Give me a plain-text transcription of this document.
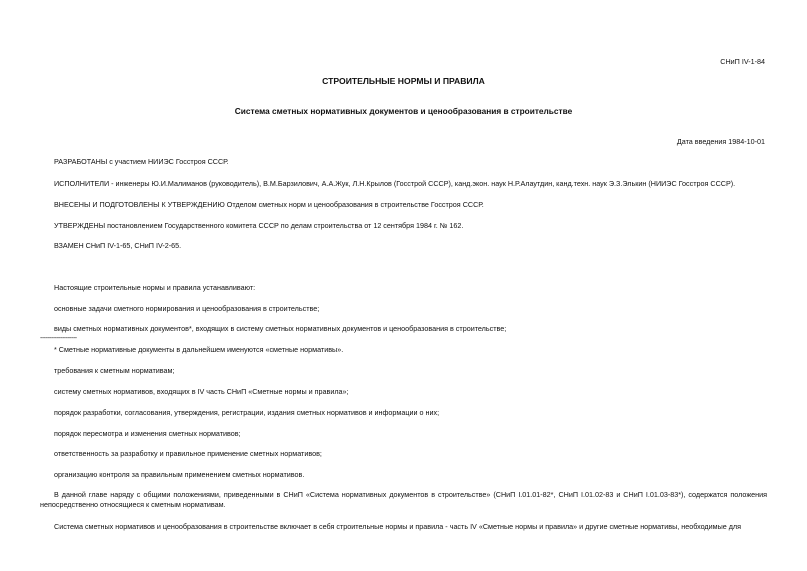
СНиП IV-1-84
СТРОИТЕЛЬНЫЕ НОРМЫ И ПРАВИЛА
Система сметных нормативных документов и ценообразования в строительстве
Дата введения 1984-10-01
РАЗРАБОТАНЫ с участием НИИЭС Госстроя СССР.
ИСПОЛНИТЕЛИ - инженеры Ю.И.Малиманов (руководитель), В.М.Барзилович, А.А.Жук, Л.Н.Крылов (Госстрой СССР), канд.экон. наук Н.Р.Алаутдин, канд.техн. наук Э.З.Элькин (НИИЭС Госстроя СССР).
ВНЕСЕНЫ И ПОДГОТОВЛЕНЫ К УТВЕРЖДЕНИЮ Отделом сметных норм и ценообразования в строительстве Госстроя СССР.
УТВЕРЖДЕНЫ постановлением Государственного комитета СССР по делам строительства от 12 сентября 1984 г. № 162.
ВЗАМЕН СНиП IV-1-65, СНиП IV-2-65.
Настоящие строительные нормы и правила устанавливают:
основные задачи сметного нормирования и ценообразования в строительстве;
виды сметных нормативных документов*, входящих в систему сметных нормативных документов и ценообразования в строительстве;
--------------------
* Сметные нормативные документы в дальнейшем именуются «сметные нормативы».
требования к сметным нормативам;
систему сметных нормативов, входящих в IV часть СНиП «Сметные нормы и правила»;
порядок разработки, согласования, утверждения, регистрации, издания сметных нормативов и информации о них;
порядок пересмотра и изменения сметных нормативов;
ответственность за разработку и правильное применение сметных нормативов;
организацию контроля за правильным применением сметных нормативов.
В данной главе наряду с общими положениями, приведенными в СНиП «Система нормативных документов в строительстве» (СНиП I.01.01-82*, СНиП I.01.02-83 и СНиП I.01.03-83*), содержатся положения непосредственно относящиеся к сметным нормативам.
Система сметных нормативов и ценообразования в строительстве включает в себя строительные нормы и правила - часть IV «Сметные нормы и правила» и другие сметные нормативы, необходимые для
